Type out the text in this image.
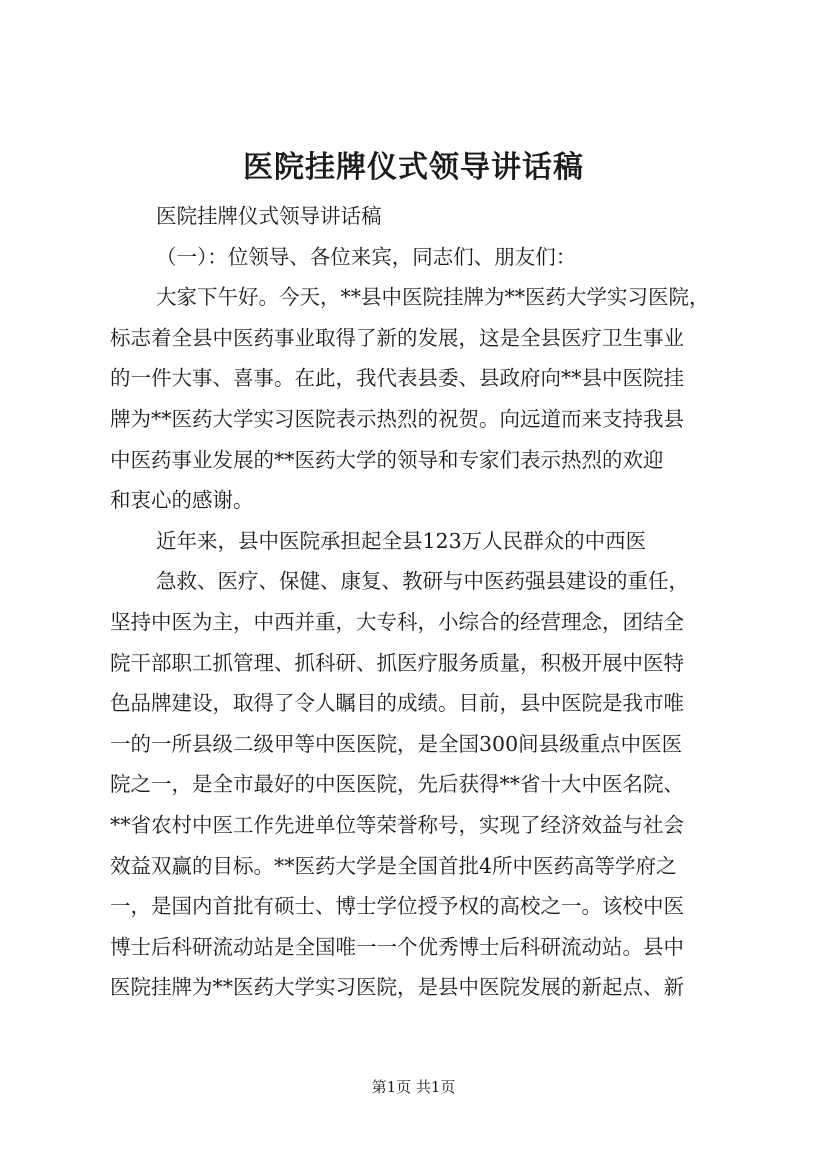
医院挂牌仪式领导讲话稿
医院挂牌仪式领导讲话稿
（一）：位领导、各位来宾，同志们、朋友们：
大家下午好。今天，**县中医院挂牌为**医药大学实习医院，
标志着全县中医药事业取得了新的发展，这是全县医疗卫生事业
的一件大事、喜事。在此，我代表县委、县政府向**县中医院挂
牌为**医药大学实习医院表示热烈的祝贺。向远道而来支持我县
中医药事业发展的**医药大学的领导和专家们表示热烈的欢迎
和衷心的感谢。
近年来，县中医院承担起全县123万人民群众的中西医
急救、医疗、保健、康复、教研与中医药强县建设的重任，
坚持中医为主，中西并重，大专科，小综合的经营理念，团结全
院干部职工抓管理、抓科研、抓医疗服务质量，积极开展中医特
色品牌建设，取得了令人瞩目的成绩。目前，县中医院是我市唯
一的一所县级二级甲等中医医院，是全国300间县级重点中医医
院之一，是全市最好的中医医院，先后获得**省十大中医名院、
**省农村中医工作先进单位等荣誉称号，实现了经济效益与社会
效益双赢的目标。**医药大学是全国首批4所中医药高等学府之
一，是国内首批有硕士、博士学位授予权的高校之一。该校中医
博士后科研流动站是全国唯一一个优秀博士后科研流动站。县中
医院挂牌为**医药大学实习医院，是县中医院发展的新起点、新
第1页 共1页
